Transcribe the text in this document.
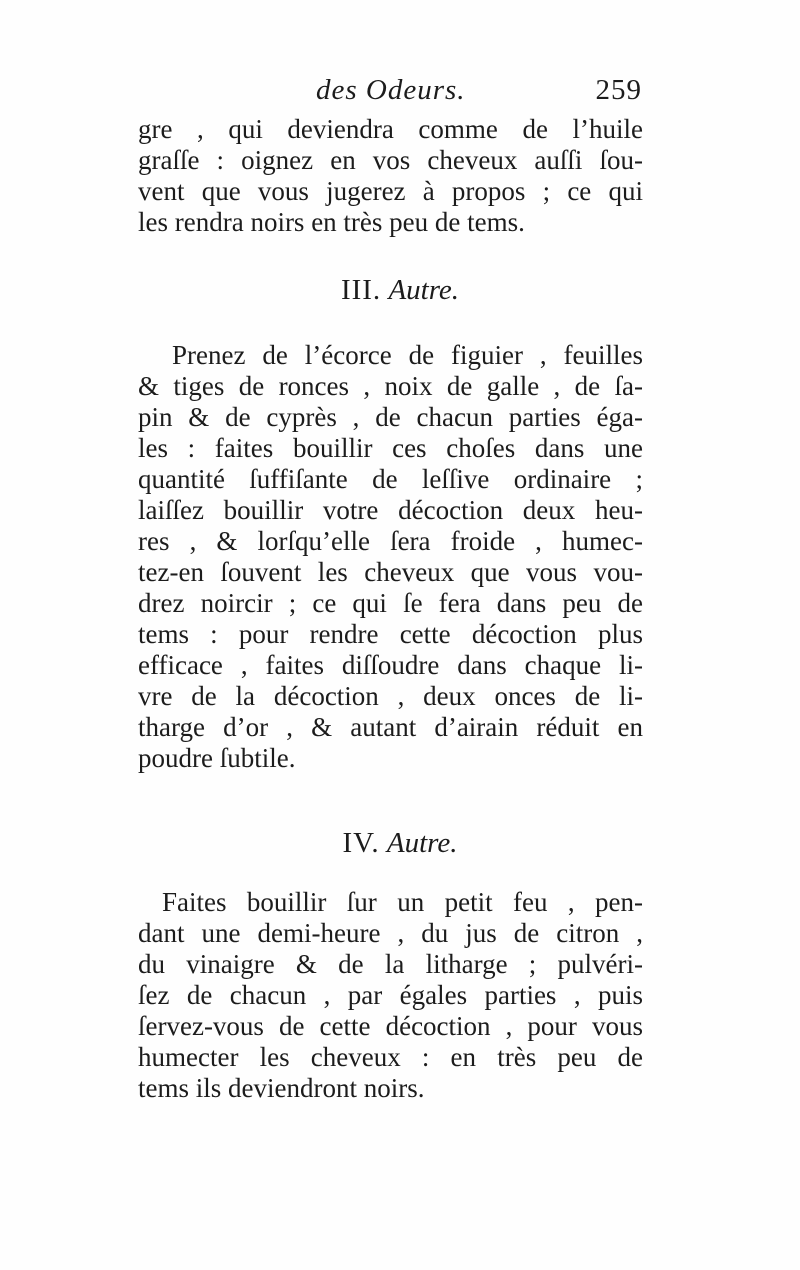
des Odeurs.	259
gre , qui deviendra comme de l’huile
graſſe : oignez en vos cheveux auſſi ſou-
vent que vous jugerez à propos ; ce qui
les rendra noirs en très peu de tems.
III. Autre.
Prenez de l’écorce de figuier , feuilles
& tiges de ronces , noix de galle , de ſa-
pin & de cyprès , de chacun parties éga-
les : faites bouillir ces choſes dans une
quantité ſuffiſante de leſſive ordinaire ;
laiſſez bouillir votre décoction deux heu-
res , & lorſqu’elle ſera froide , humec-
tez-en ſouvent les cheveux que vous vou-
drez noircir ; ce qui ſe fera dans peu de
tems : pour rendre cette décoction plus
efficace , faites diſſoudre dans chaque li-
vre de la décoction , deux onces de li-
tharge d’or , & autant d’airain réduit en
poudre ſubtile.
IV. Autre.
Faites bouillir ſur un petit feu , pen-
dant une demi-heure , du jus de citron ,
du vinaigre & de la litharge ; pulvéri-
ſez de chacun , par égales parties , puis
ſervez-vous de cette décoction , pour vous
humecter les cheveux : en très peu de
tems ils deviendront noirs.
